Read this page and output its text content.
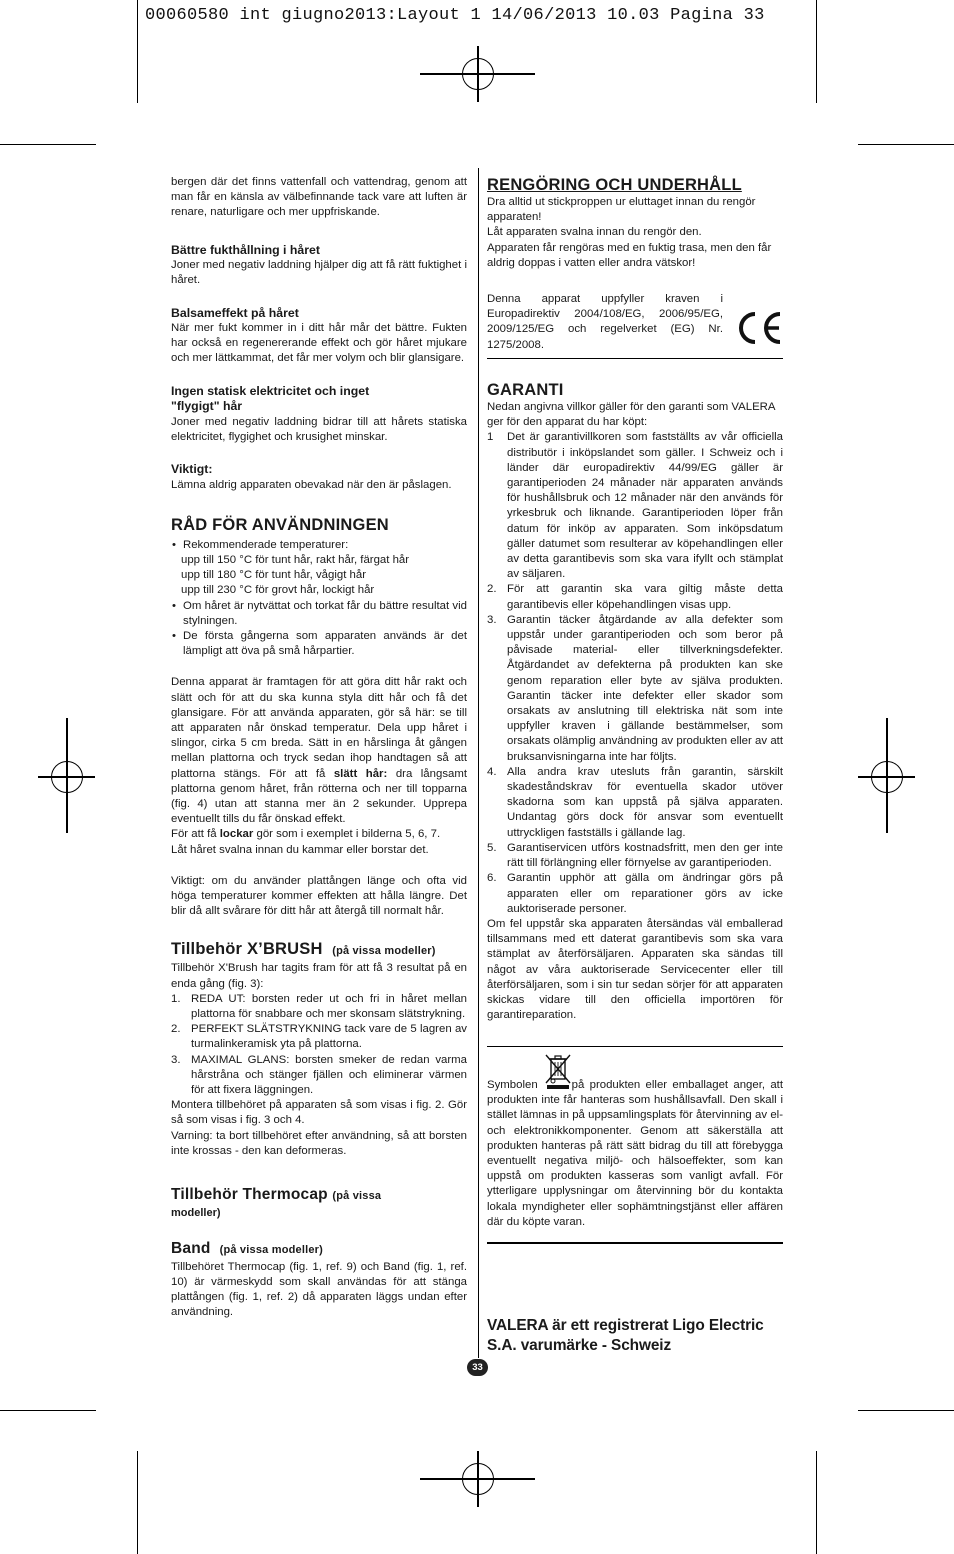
00060580 int giugno2013:Layout 1 14/06/2013 10.03 Pagina 33

bergen där det finns vattenfall och vattendrag, genom att man får en känsla av välbefinnande tack vare att luften är renare, naturligare och mer uppfriskande.

Bättre fukthållning i håret

Joner med negativ laddning hjälper dig att få rätt fuktighet i håret.

Balsameffekt på håret

När mer fukt kommer in i ditt hår mår det bättre. Fukten har också en regenererande effekt och gör håret mjukare och mer lättkammat, det får mer volym och blir glansigare.

Ingen statisk elektricitet och inget
"flygigt" hår

Joner med negativ laddning bidrar till att hårets statiska elektricitet, flygighet och krusighet minskar.

Viktigt:

Lämna aldrig apparaten obevakad när den är påslagen.

RÅD FÖR ANVÄNDNINGEN
• Rekommenderade temperaturer:
upp till 150 °C för tunt hår, rakt hår, färgat hår
upp till 180 °C för tunt hår, vågigt hår
upp till 230 °C för grovt hår, lockigt hår
• Om håret är nytvättat och torkat får du bättre resultat vid stylningen.
• De första gångerna som apparaten används är det lämpligt att öva på små hårpartier.

Denna apparat är framtagen för att göra ditt hår rakt och slätt och för att du ska kunna styla ditt hår och få det glansigare. För att använda apparaten, gör så här: se till att apparaten når önskad temperatur. Dela upp håret i slingor, cirka 5 cm breda. Sätt in en hårslinga åt gången mellan plattorna och tryck sedan ihop handtagen så att plattorna stängs. För att få slätt hår: dra långsamt plattorna genom håret, från rötterna och ner till topparna (fig. 4) utan att stanna mer än 2 sekunder. Upprepa eventuellt tills du får önskad effekt.

För att få lockar gör som i exemplet i bilderna 5, 6, 7.

Låt håret svalna innan du kammar eller borstar det.

Viktigt: om du använder plattången länge och ofta vid höga temperaturer kommer effekten att hålla längre. Det blir då allt svårare för ditt hår att återgå till normalt hår.

Tillbehör X’BRUSH (på vissa modeller)

Tillbehör X'Brush har tagits fram för att få 3 resultat på en enda gång (fig. 3):

1. REDA UT: borsten reder ut och fri in håret mellan plattorna för snabbare och mer skonsam slätstrykning.
2. PERFEKT SLÄTSTRYKNING tack vare de 5 lagren av turmalinkeramisk yta på plattorna.
3. MAXIMAL GLANS: borsten smeker de redan varma hårstråna och stänger fjällen och eliminerar värmen för att fixera läggningen.

Montera tillbehöret på apparaten så som visas i fig. 2. Gör så som visas i fig. 3 och 4.

Varning: ta bort tillbehöret efter användning, så att borsten inte krossas - den kan deformeras.

Tillbehör Thermocap (på vissa
modeller)
Band (på vissa modeller)

Tillbehöret Thermocap (fig. 1, ref. 9) och Band (fig. 1, ref. 10) är värmeskydd som skall användas för att stänga plattången (fig. 1, ref. 2) då apparaten läggs undan efter användning.

RENGÖRING OCH UNDERHÅLL

Dra alltid ut stickproppen ur eluttaget innan du rengör apparaten!

Låt apparaten svalna innan du rengör den.

Apparaten får rengöras med en fuktig trasa, men den får aldrig doppas i vatten eller andra vätskor!

Denna apparat uppfyller kraven i Europadirektiv 2004/108/EG, 2006/95/EG, 2009/125/EG och regelverket (EG) Nr. 1275/2008.

GARANTI

Nedan angivna villkor gäller för den garanti som VALERA ger för den apparat du har köpt:

1 Det är garantivillkoren som fastställts av vår officiella distributör i inköpslandet som gäller. I Schweiz och i länder där europadirektiv 44/99/EG gäller är garantiperioden 24 månader när apparaten används för hushållsbruk och 12 månader när den används för yrkesbruk och liknande. Garantiperioden löper från datum för inköp av apparaten. Som inköpsdatum gäller datumet som resulterar av köpehandlingen eller av detta garantibevis som ska vara ifyllt och stämplat av säljaren.
2. För att garantin ska vara giltig måste detta garantibevis eller köpehandlingen visas upp.
3. Garantin täcker åtgärdande av alla defekter som uppstår under garantiperioden och som beror på påvisade material- eller tillverkningsdefekter. Åtgärdandet av defekterna på produkten kan ske genom reparation eller byte av själva produkten. Garantin täcker inte defekter eller skador som orsakats av anslutning till elektriska nät som inte uppfyller kraven i gällande bestämmelser, som orsakats olämplig användning av produkten eller av att bruksanvisningarna inte har följts.
4. Alla andra krav utesluts från garantin, särskilt skadeståndskrav för eventuella skador utöver skadorna som kan uppstå på själva apparaten. Undantag görs dock för ansvar som eventuellt uttryckligen fastställs i gällande lag.
5. Garantiservicen utförs kostnadsfritt, men den ger inte rätt till förlängning eller förnyelse av garantiperioden.
6. Garantin upphör att gälla om ändringar görs på apparaten eller om reparationer görs av icke auktoriserade personer.

Om fel uppstår ska apparaten återsändas väl emballerad tillsammans med ett daterat garantibevis som ska vara stämplat av återförsäljaren. Apparaten ska sändas till något av våra auktoriserade Servicecenter eller till återförsäljaren, som i sin tur sedan sörjer för att apparaten skickas vidare till den officiella importören för garantireparation.

Symbolen	på produkten eller emballaget anger, att produkten inte får hanteras som hushållsavfall. Den skall i stället lämnas in på uppsamlingsplats för återvinning av el- och elektronikkomponenter. Genom att säkerställa att produkten hanteras på rätt sätt bidrag du till att förebygga eventuellt negativa miljö- och hälsoeffekter, som kan uppstå om produkten kasseras som vanligt avfall. För ytterligare upplysningar om återvinning bör du kontakta lokala myndigheter eller sophämtningstjänst eller affären där du köpte varan.

VALERA är ett registrerat Ligo Electric S.A. varumärke - Schweiz
33
